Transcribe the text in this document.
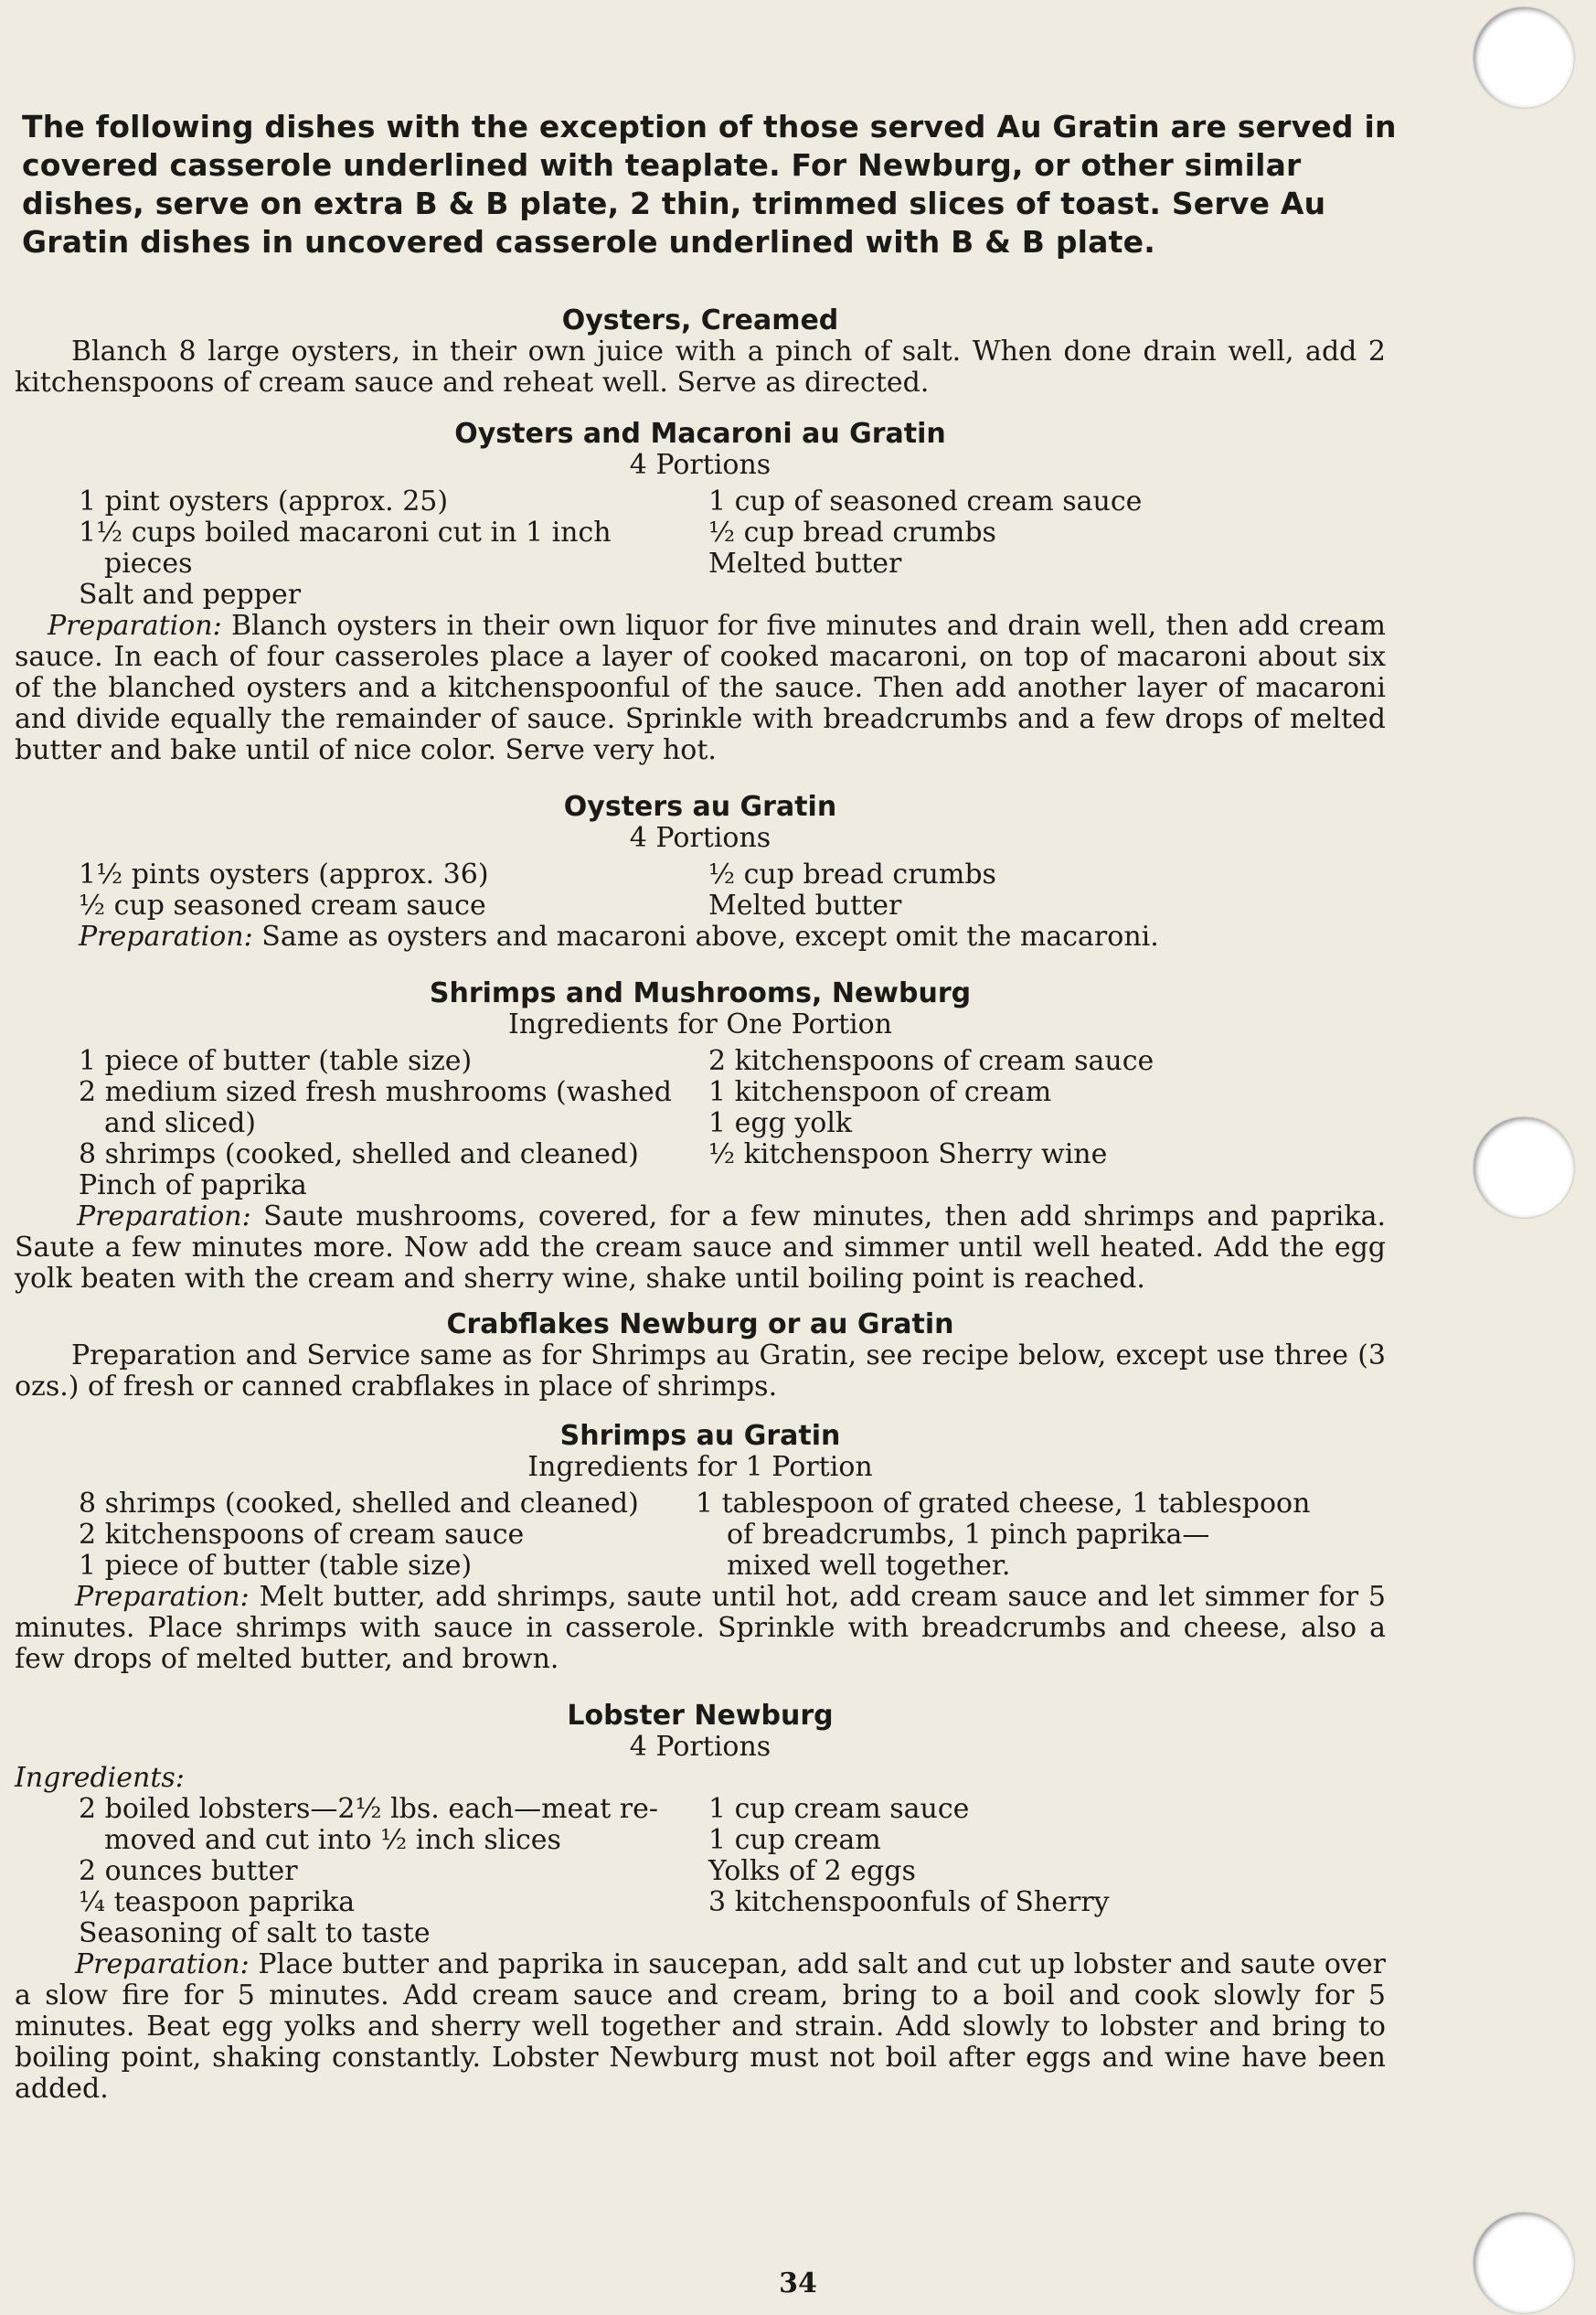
The following dishes with the exception of those served Au Gratin are served in covered casserole underlined with teaplate. For Newburg, or other similar dishes, serve on extra B & B plate, 2 thin, trimmed slices of toast. Serve Au Gratin dishes in uncovered casserole underlined with B & B plate.

Oysters, Creamed

Blanch 8 large oysters, in their own juice with a pinch of salt. When done drain well, add 2 kitchenspoons of cream sauce and reheat well. Serve as directed.

Oysters and Macaroni au Gratin

4 Portions

1 pint oysters (approx. 25)
1½ cups boiled macaroni cut in 1 inch
pieces
Salt and pepper
1 cup of seasoned cream sauce
½ cup bread crumbs
Melted butter

Preparation: Blanch oysters in their own liquor for five minutes and drain well, then add cream sauce. In each of four casseroles place a layer of cooked macaroni, on top of macaroni about six of the blanched oysters and a kitchenspoonful of the sauce. Then add another layer of macaroni and divide equally the remainder of sauce. Sprinkle with breadcrumbs and a few drops of melted butter and bake until of nice color. Serve very hot.

Oysters au Gratin

4 Portions

1½ pints oysters (approx. 36)
½ cup seasoned cream sauce
½ cup bread crumbs
Melted butter

Preparation: Same as oysters and macaroni above, except omit the macaroni.

Shrimps and Mushrooms, Newburg

Ingredients for One Portion

1 piece of butter (table size)
2 medium sized fresh mushrooms (washed
and sliced)
8 shrimps (cooked, shelled and cleaned)
Pinch of paprika
2 kitchenspoons of cream sauce
1 kitchenspoon of cream
1 egg yolk
½ kitchenspoon Sherry wine

Preparation: Saute mushrooms, covered, for a few minutes, then add shrimps and paprika. Saute a few minutes more. Now add the cream sauce and simmer until well heated. Add the egg yolk beaten with the cream and sherry wine, shake until boiling point is reached.

Crabflakes Newburg or au Gratin

Preparation and Service same as for Shrimps au Gratin, see recipe below, except use three (3 ozs.) of fresh or canned crabflakes in place of shrimps.

Shrimps au Gratin

Ingredients for 1 Portion

8 shrimps (cooked, shelled and cleaned)
2 kitchenspoons of cream sauce
1 piece of butter (table size)
1 tablespoon of grated cheese, 1 tablespoon
of breadcrumbs, 1 pinch paprika—
mixed well together.

Preparation: Melt butter, add shrimps, saute until hot, add cream sauce and let simmer for 5 minutes. Place shrimps with sauce in casserole. Sprinkle with breadcrumbs and cheese, also a few drops of melted butter, and brown.

Lobster Newburg

4 Portions

Ingredients:

2 boiled lobsters—2½ lbs. each—meat re-
moved and cut into ½ inch slices
2 ounces butter
¼ teaspoon paprika
Seasoning of salt to taste
1 cup cream sauce
1 cup cream
Yolks of 2 eggs
3 kitchenspoonfuls of Sherry

Preparation: Place butter and paprika in saucepan, add salt and cut up lobster and saute over a slow fire for 5 minutes. Add cream sauce and cream, bring to a boil and cook slowly for 5 minutes. Beat egg yolks and sherry well together and strain. Add slowly to lobster and bring to boiling point, shaking constantly. Lobster Newburg must not boil after eggs and wine have been added.

34
